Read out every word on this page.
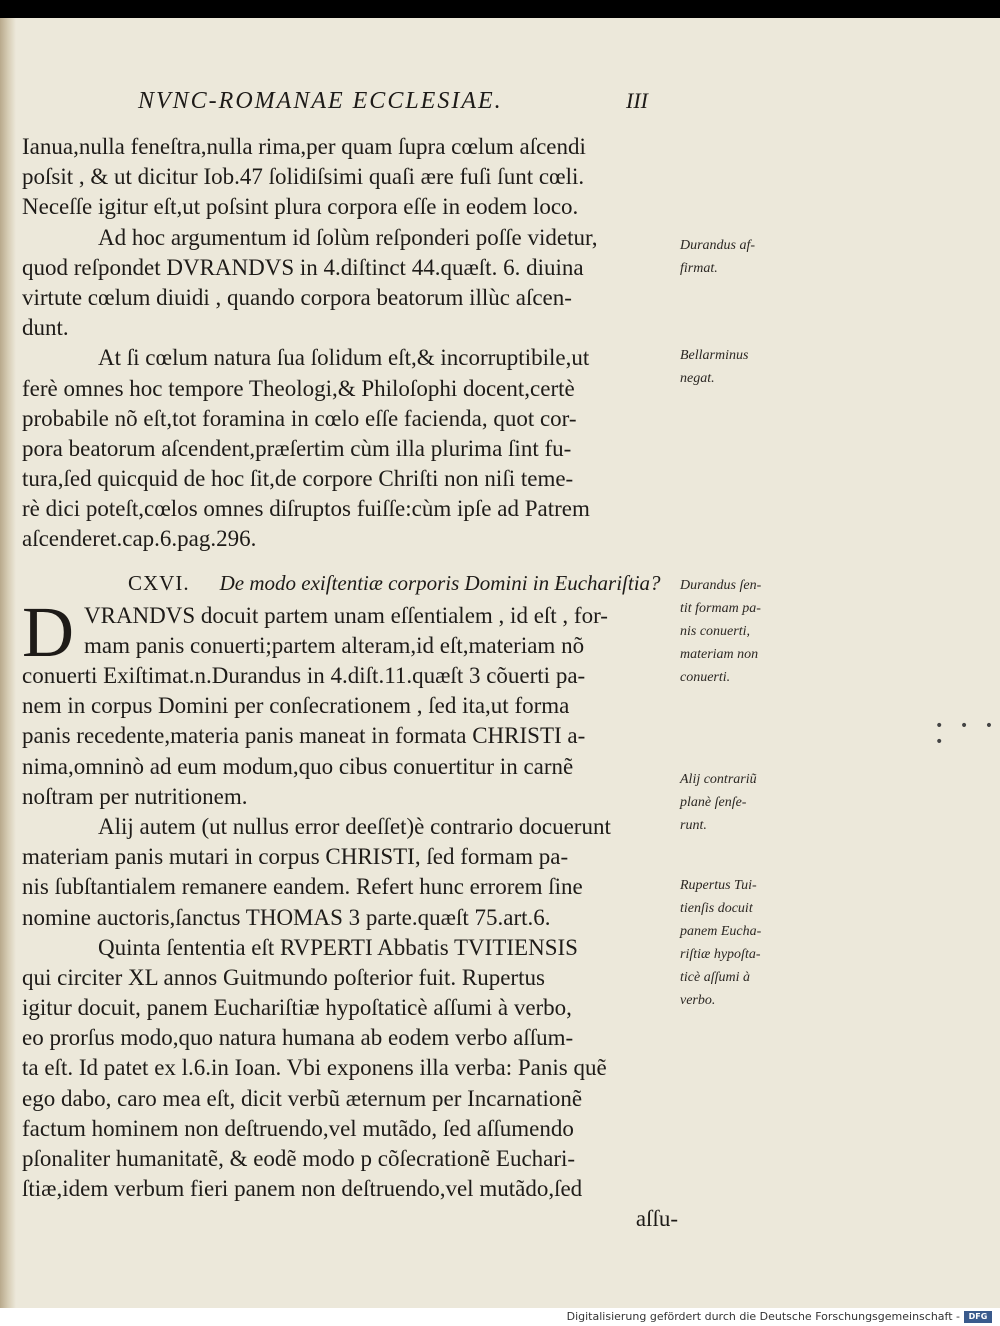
• • • •
NVNC-ROMANAE ECCLESIAE.	III
Ianua,nulla feneſtra,nulla rima,per quam ſupra cœlum aſcendi
poſsit , & ut dicitur Iob.47 ſolidiſsimi quaſi ære fuſi ſunt cœli.
Neceſſe igitur eſt,ut poſsint plura corpora eſſe in eodem loco.
Ad hoc argumentum id ſolùm reſponderi poſſe videtur,
quod reſpondet DVRANDVS in 4.diſtinct 44.quæſt. 6. diuina
virtute cœlum diuidi , quando corpora beatorum illùc aſcen-
dunt.
At ſi cœlum natura ſua ſolidum eſt,& incorruptibile,ut
ferè omnes hoc tempore Theologi,& Philoſophi docent,certè
probabile nõ eſt,tot foramina in cœlo eſſe facienda, quot cor-
pora beatorum aſcendent,præſertim cùm illa plurima ſint fu-
tura,ſed quicquid de hoc ſit,de corpore Chriſti non niſi teme-
rè dici poteſt,cœlos omnes diſruptos fuiſſe:cùm ipſe ad Patrem
aſcenderet.cap.6.pag.296.
CXVI. De modo exiſtentiæ corporis Domini in Euchariſtia?
D VRANDVS docuit partem unam eſſentialem , id eſt , for-
mam panis conuerti;partem alteram,id eſt,materiam nõ
conuerti Exiſtimat.n.Durandus in 4.diſt.11.quæſt 3 cõuerti pa-
nem in corpus Domini per conſecrationem , ſed ita,ut forma
panis recedente,materia panis maneat in formata CHRISTI a-
nima,omninò ad eum modum,quo cibus conuertitur in carnẽ
noſtram per nutritionem.
Alij autem (ut nullus error deeſſet)è contrario docuerunt
materiam panis mutari in corpus CHRISTI, ſed formam pa-
nis ſubſtantialem remanere eandem. Refert hunc errorem ſine
nomine auctoris,ſanctus THOMAS 3 parte.quæſt 75.art.6.
Quinta ſententia eſt RVPERTI Abbatis TVITIENSIS
qui circiter XL annos Guitmundo poſterior fuit. Rupertus
igitur docuit, panem Euchariſtiæ hypoſtaticè aſſumi à verbo,
eo prorſus modo,quo natura humana ab eodem verbo aſſum-
ta eſt. Id patet ex l.6.in Ioan. Vbi exponens illa verba: Panis quẽ
ego dabo, caro mea eſt, dicit verbũ æternum per Incarnationẽ
factum hominem non deſtruendo,vel mutãdo, ſed aſſumendo
pſonaliter humanitatẽ, & eodẽ modo p cõſecrationẽ Euchari-
ſtiæ,idem verbum fieri panem non deſtruendo,vel mutãdo,ſed
aſſu-
Durandus af-
firmat.
Bellarminus
negat.
Durandus ſen-
tit formam pa-
nis conuerti,
materiam non
conuerti.
Alij contrariũ
planè ſenſe-
runt.
Rupertus Tui-
tienſis docuit
panem Eucha-
riſtiæ hypoſta-
ticè aſſumi à
verbo.
Digitalisierung gefördert durch die Deutsche Forschungsgemeinschaft -	DFG
